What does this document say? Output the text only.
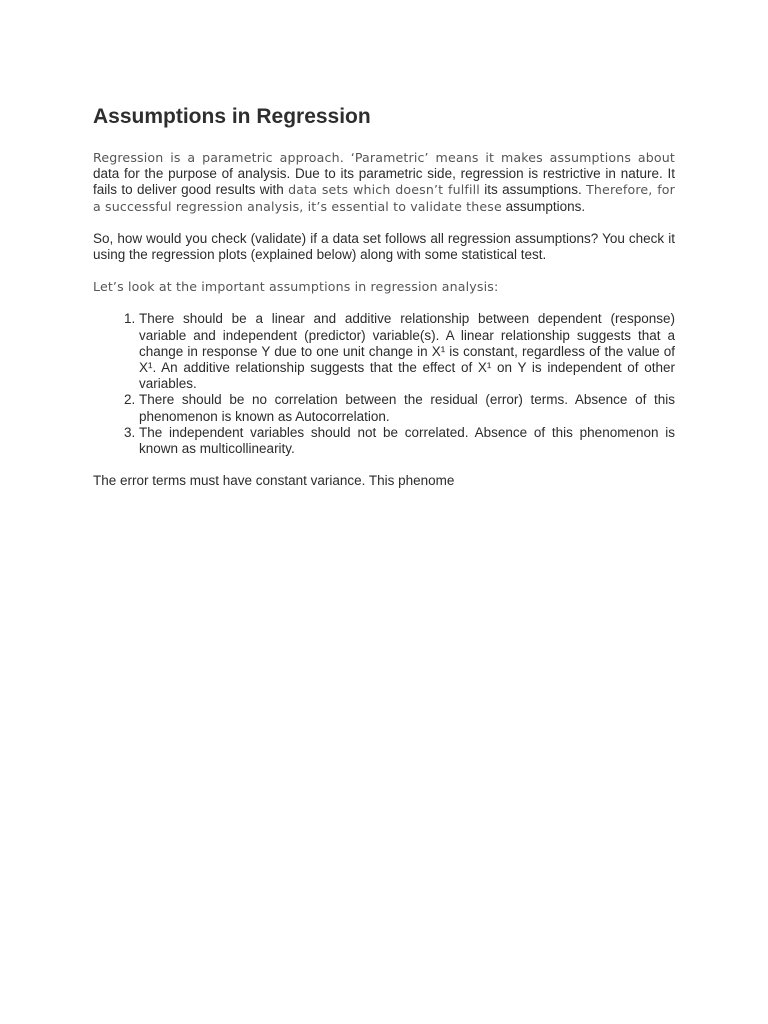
Assumptions in Regression

Regression is a parametric approach. ‘Parametric’ means it makes assumptions about data for the purpose of analysis. Due to its parametric side, regression is restrictive in nature. It fails to deliver good results with data sets which doesn’t fulfill its assumptions. Therefore, for a successful regression analysis, it’s essential to validate these assumptions.

So, how would you check (validate) if a data set follows all regression assumptions? You check it using the regression plots (explained below) along with some statistical test.

Let’s look at the important assumptions in regression analysis:

1. There should be a linear and additive relationship between dependent (response) variable and independent (predictor) variable(s). A linear relationship suggests that a change in response Y due to one unit change in X¹ is constant, regardless of the value of X¹. An additive relationship suggests that the effect of X¹ on Y is independent of other variables.
2. There should be no correlation between the residual (error) terms. Absence of this phenomenon is known as Autocorrelation.
3. The independent variables should not be correlated. Absence of this phenomenon is known as multicollinearity.

The error terms must have constant variance. This phenome
